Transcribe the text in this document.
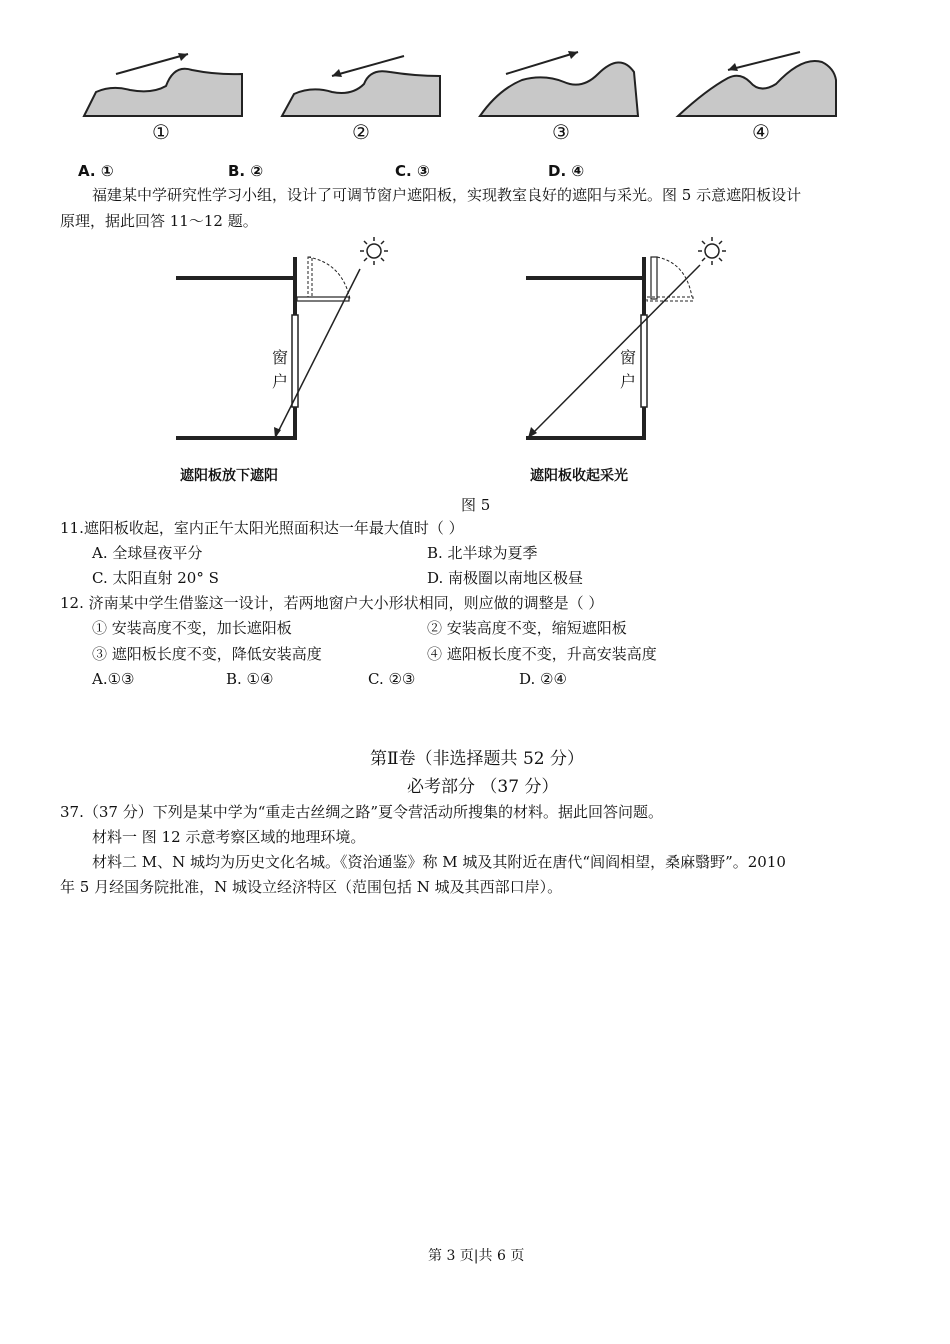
①	②	③	④
A. ①	B. ②	C. ③	D. ④
福建某中学研究性学习小组，设计了可调节窗户遮阳板，实现教室良好的遮阳与采光。图 5 示意遮阳板设计
原理，据此回答 11～12 题。
窗
户
窗
户
遮阳板放下遮阳	遮阳板收起采光
图 5
11.遮阳板收起，室内正午太阳光照面积达一年最大值时（ ）
A. 全球昼夜平分	B. 北半球为夏季
C. 太阳直射 20° S	D. 南极圈以南地区极昼
12. 济南某中学生借鉴这一设计，若两地窗户大小形状相同，则应做的调整是（ ）
① 安装高度不变，加长遮阳板	② 安装高度不变，缩短遮阳板
③ 遮阳板长度不变，降低安装高度	④ 遮阳板长度不变，升高安装高度
A.①③	B. ①④	C. ②③	D. ②④
第Ⅱ卷（非选择题共 52 分）
必考部分 （37 分）
37.（37 分）下列是某中学为“重走古丝绸之路”夏令营活动所搜集的材料。据此回答问题。
材料一 图 12 示意考察区域的地理环境。
材料二 M、N 城均为历史文化名城。《资治通鉴》称 M 城及其附近在唐代“闾阎相望，桑麻翳野”。2010
年 5 月经国务院批准，N 城设立经济特区（范围包括 N 城及其西部口岸）。
第 3 页|共 6 页
